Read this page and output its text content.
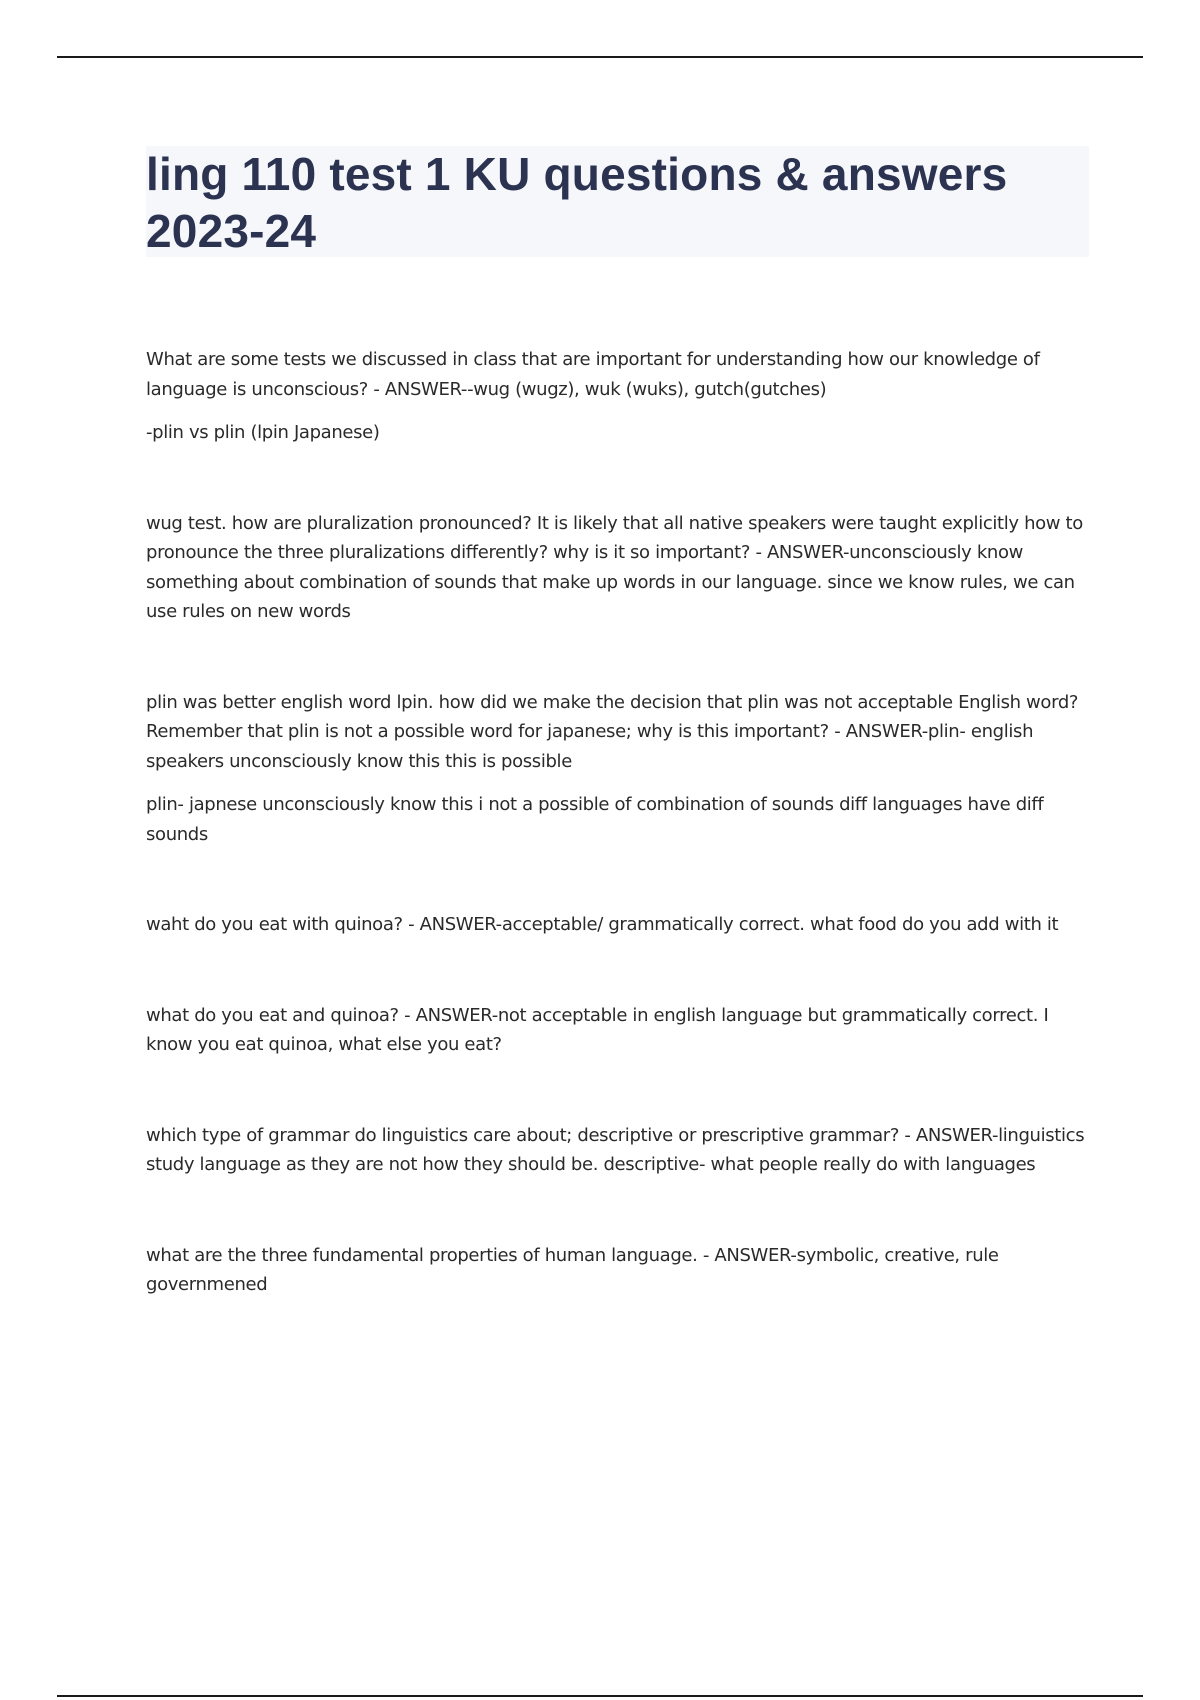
ling 110 test 1 KU questions & answers 2023-24

What are some tests we discussed in class that are important for understanding how our knowledge of language is unconscious? - ANSWER--wug (wugz), wuk (wuks), gutch(gutches)

-plin vs plin (lpin Japanese)

wug test. how are pluralization pronounced? It is likely that all native speakers were taught explicitly how to pronounce the three pluralizations differently? why is it so important? - ANSWER-unconsciously know something about combination of sounds that make up words in our language. since we know rules, we can use rules on new words

plin was better english word lpin. how did we make the decision that plin was not acceptable English word? Remember that plin is not a possible word for japanese; why is this important? - ANSWER-plin- english speakers unconsciously know this this is possible

plin- japnese unconsciously know this i not a possible of combination of sounds diff languages have diff sounds

waht do you eat with quinoa? - ANSWER-acceptable/ grammatically correct. what food do you add with it

what do you eat and quinoa? - ANSWER-not acceptable in english language but grammatically correct. I know you eat quinoa, what else you eat?

which type of grammar do linguistics care about; descriptive or prescriptive grammar? - ANSWER-linguistics study language as they are not how they should be. descriptive- what people really do with languages

what are the three fundamental properties of human language. - ANSWER-symbolic, creative, rule governmened
